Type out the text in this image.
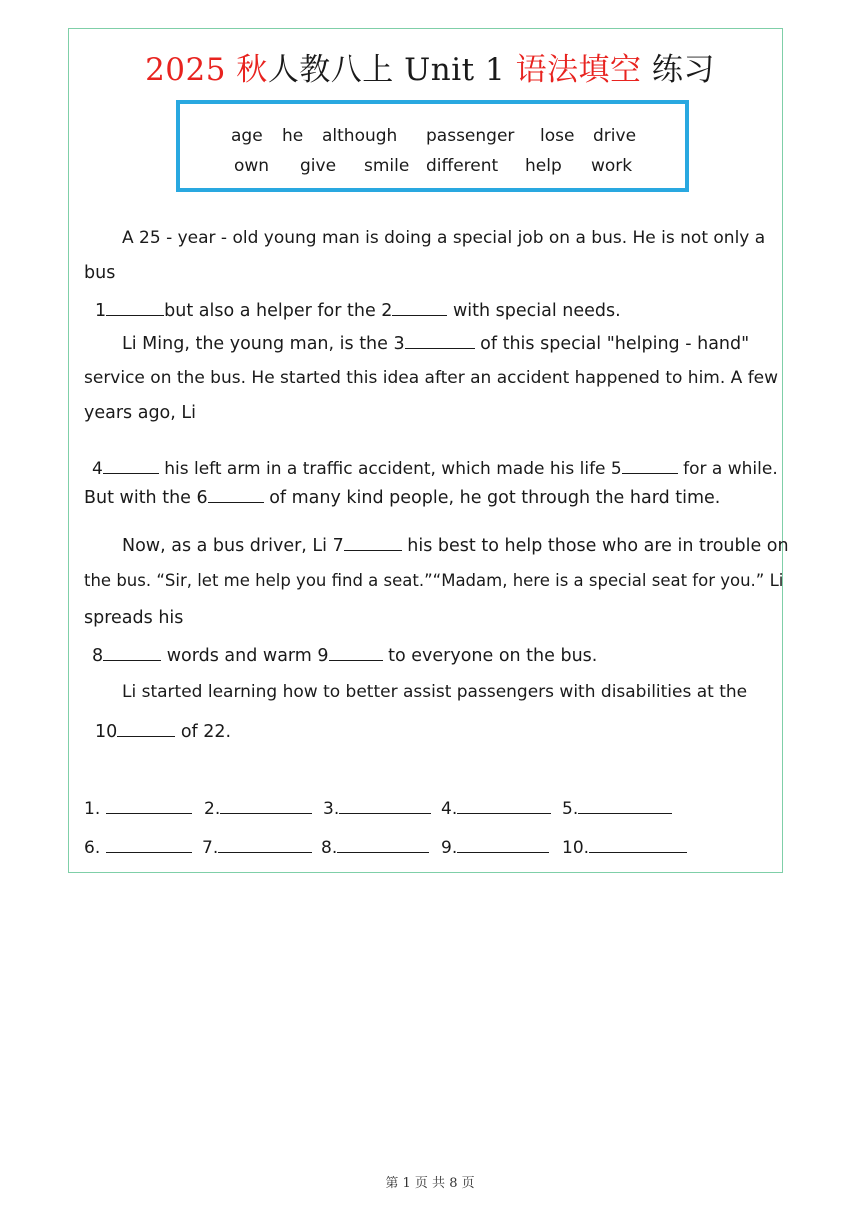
2025 秋人教八上 Unit 1 语法填空 练习
age he although passenger lose drive
own give smile different help work
A 25 - year - old young man is doing a special job on a bus. He is not only a
bus
1	but also a helper for the 2	with special needs.
Li Ming, the young man, is the 3	of this special "helping - hand"
service on the bus. He started this idea after an accident happened to him. A few
years ago, Li
4	his left arm in a traffic accident, which made his life 5	for a while.
But with the 6	of many kind people, he got through the hard time.
Now, as a bus driver, Li 7	his best to help those who are in trouble on
the bus. “Sir, let me help you find a seat.”“Madam, here is a special seat for you.” Li
spreads his
8	words and warm 9	to everyone on the bus.
Li started learning how to better assist passengers with disabilities at the
10	of 22.
1.	2.	3.	4.	5.
6.	7.	8.	9.	10.
第 1 页 共 8 页
